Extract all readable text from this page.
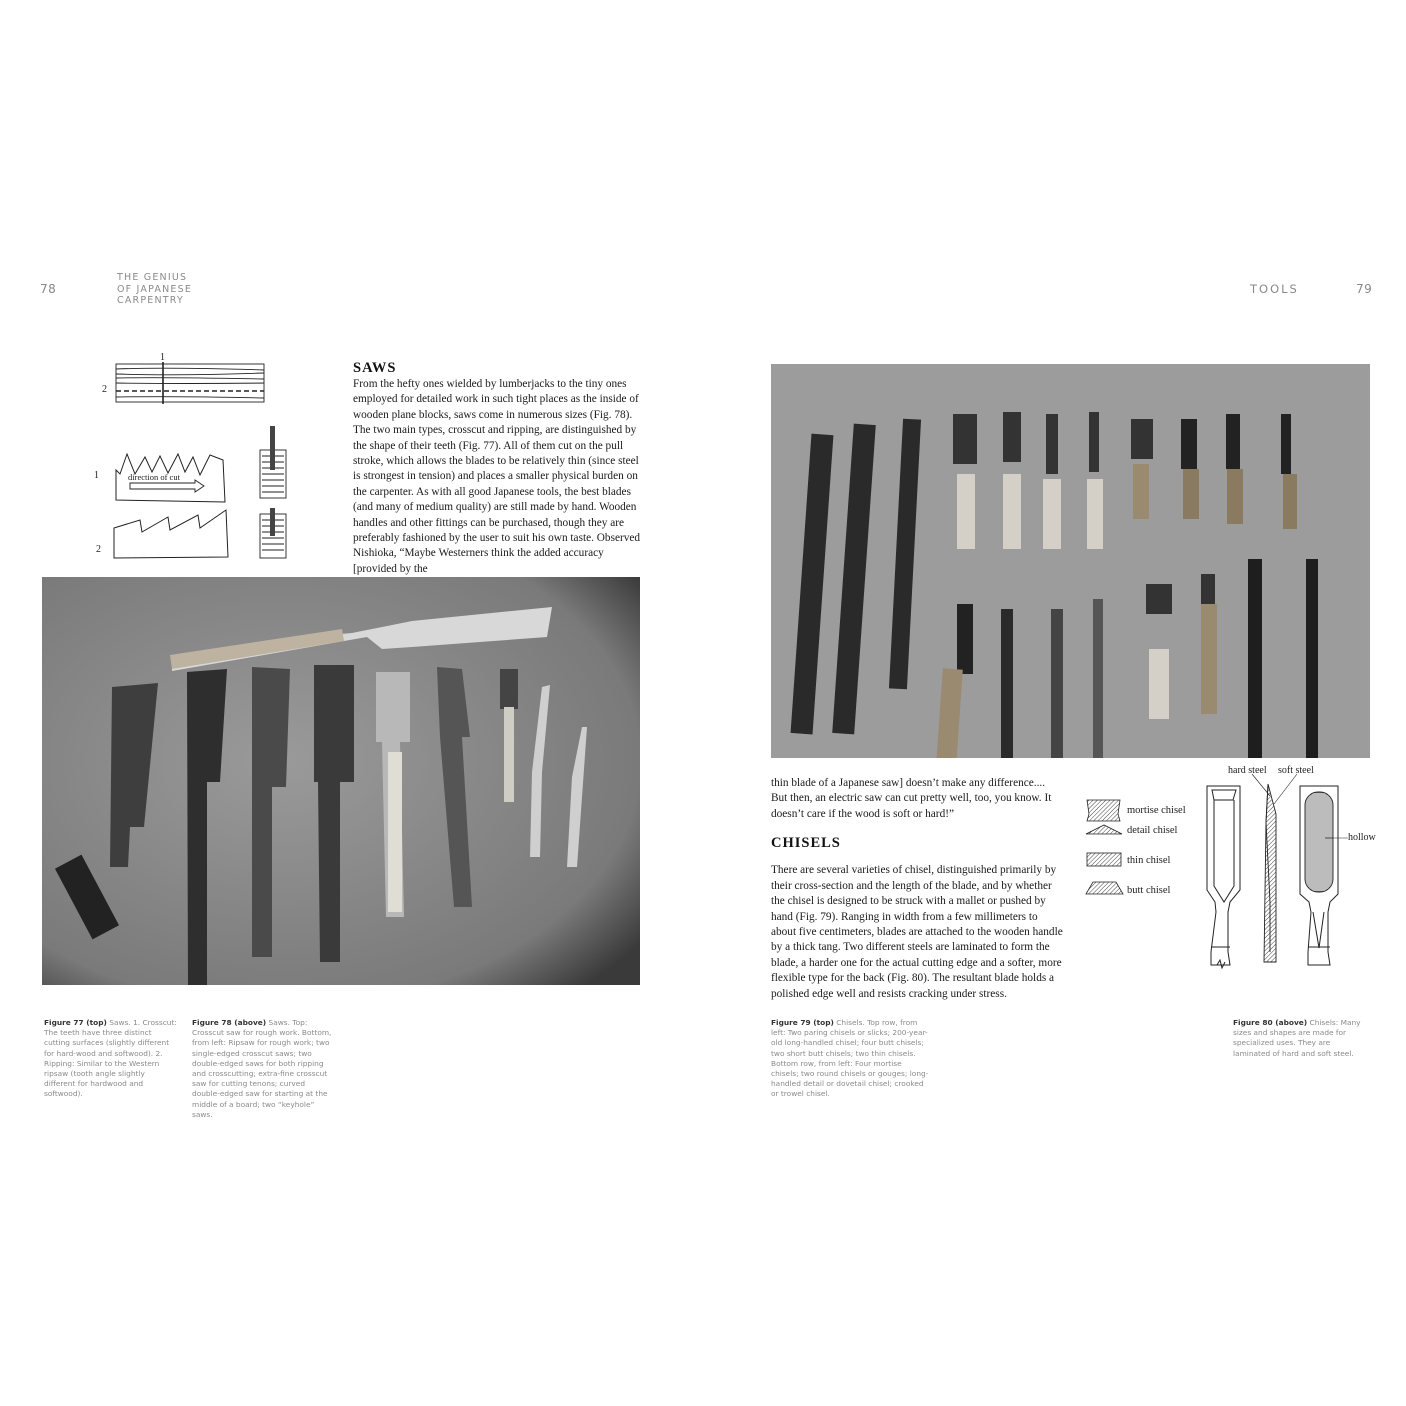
78
THE GENIUS
OF JAPANESE
CARPENTRY
1
2
1	direction of cut
2
SAWS

From the hefty ones wielded by lumberjacks to the tiny ones employed for detailed work in such tight places as the inside of wooden plane blocks, saws come in numerous sizes (Fig. 78). The two main types, crosscut and ripping, are distinguished by the shape of their teeth (Fig. 77). All of them cut on the pull stroke, which allows the blades to be relatively thin (since steel is strongest in tension) and places a smaller physical burden on the carpenter. As with all good Japanese tools, the best blades (and many of medium quality) are still made by hand. Wooden handles and other fittings can be purchased, though they are preferably fashioned by the user to suit his own taste. Observed Nishioka, “Maybe Westerners think the added accuracy [provided by the

Figure 77 (top) Saws. 1. Crosscut: The teeth have three distinct cutting surfaces (slightly different for hard-wood and softwood). 2. Ripping: Similar to the Western ripsaw (tooth angle slightly different for hardwood and softwood).
Figure 78 (above) Saws. Top: Crosscut saw for rough work. Bottom, from left: Ripsaw for rough work; two single-edged crosscut saws; two double-edged saws for both ripping and crosscutting; extra-fine crosscut saw for cutting tenons; curved double-edged saw for starting at the middle of a board; two “keyhole” saws.
TOOLS	79
thin blade of a Japanese saw] doesn’t make any difference.... But then, an electric saw can cut pretty well, too, you know. It doesn’t care if the wood is soft or hard!”
CHISELS

There are several varieties of chisel, distinguished primarily by their cross-section and the length of the blade, and by whether the chisel is designed to be struck with a mallet or pushed by hand (Fig. 79). Ranging in width from a few millimeters to about five centimeters, blades are attached to the wooden handle by a thick tang. Two different steels are laminated to form the blade, a harder one for the actual cutting edge and a softer, more flexible type for the back (Fig. 80). The resultant blade holds a polished edge well and resists cracking under stress.

mortise chisel
detail chisel
thin chisel
butt chisel
hard steel soft steel
hollow
Figure 79 (top) Chisels. Top row, from left: Two paring chisels or slicks; 200-year-old long-handled chisel; four butt chisels; two short butt chisels; two thin chisels. Bottom row, from left: Four mortise chisels; two round chisels or gouges; long-handled detail or dovetail chisel; crooked or trowel chisel.
Figure 80 (above) Chisels: Many sizes and shapes are made for specialized uses. They are laminated of hard and soft steel.
